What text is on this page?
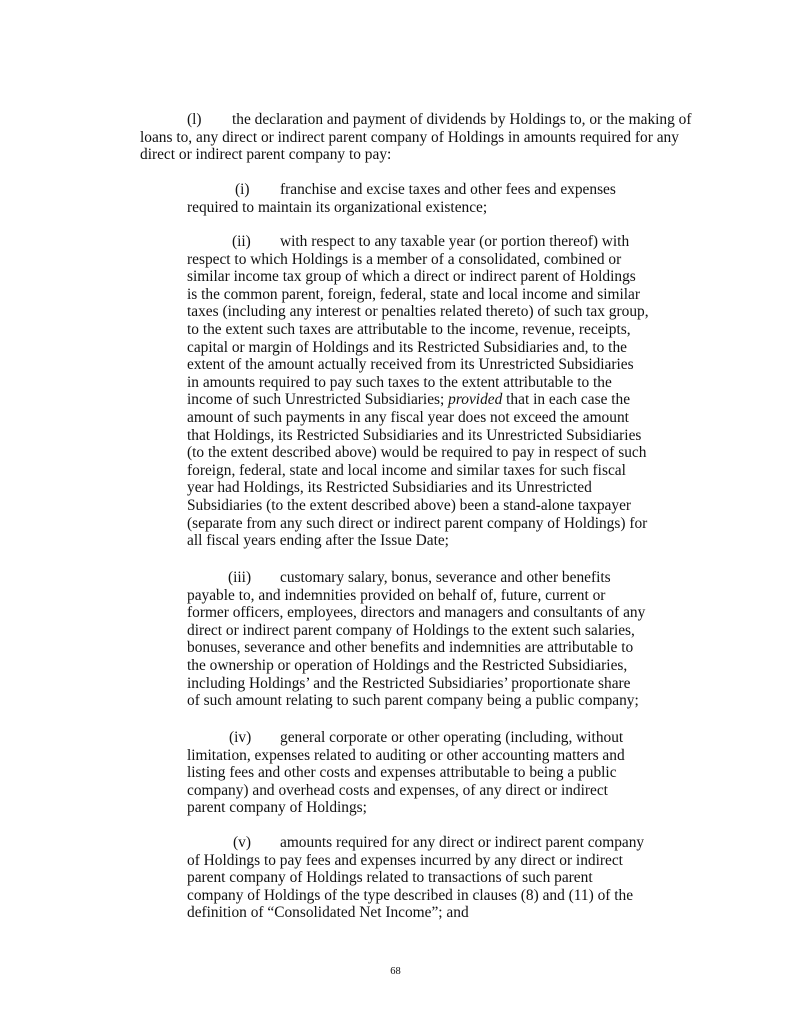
(l) the declaration and payment of dividends by Holdings to, or the making of
loans to, any direct or indirect parent company of Holdings in amounts required for any
direct or indirect parent company to pay:
(i) franchise and excise taxes and other fees and expenses
required to maintain its organizational existence;
(ii) with respect to any taxable year (or portion thereof) with
respect to which Holdings is a member of a consolidated, combined or
similar income tax group of which a direct or indirect parent of Holdings
is the common parent, foreign, federal, state and local income and similar
taxes (including any interest or penalties related thereto) of such tax group,
to the extent such taxes are attributable to the income, revenue, receipts,
capital or margin of Holdings and its Restricted Subsidiaries and, to the
extent of the amount actually received from its Unrestricted Subsidiaries
in amounts required to pay such taxes to the extent attributable to the
income of such Unrestricted Subsidiaries; provided that in each case the
amount of such payments in any fiscal year does not exceed the amount
that Holdings, its Restricted Subsidiaries and its Unrestricted Subsidiaries
(to the extent described above) would be required to pay in respect of such
foreign, federal, state and local income and similar taxes for such fiscal
year had Holdings, its Restricted Subsidiaries and its Unrestricted
Subsidiaries (to the extent described above) been a stand-alone taxpayer
(separate from any such direct or indirect parent company of Holdings) for
all fiscal years ending after the Issue Date;
(iii) customary salary, bonus, severance and other benefits
payable to, and indemnities provided on behalf of, future, current or
former officers, employees, directors and managers and consultants of any
direct or indirect parent company of Holdings to the extent such salaries,
bonuses, severance and other benefits and indemnities are attributable to
the ownership or operation of Holdings and the Restricted Subsidiaries,
including Holdings’ and the Restricted Subsidiaries’ proportionate share
of such amount relating to such parent company being a public company;
(iv) general corporate or other operating (including, without
limitation, expenses related to auditing or other accounting matters and
listing fees and other costs and expenses attributable to being a public
company) and overhead costs and expenses, of any direct or indirect
parent company of Holdings;
(v) amounts required for any direct or indirect parent company
of Holdings to pay fees and expenses incurred by any direct or indirect
parent company of Holdings related to transactions of such parent
company of Holdings of the type described in clauses (8) and (11) of the
definition of “Consolidated Net Income”; and
68
